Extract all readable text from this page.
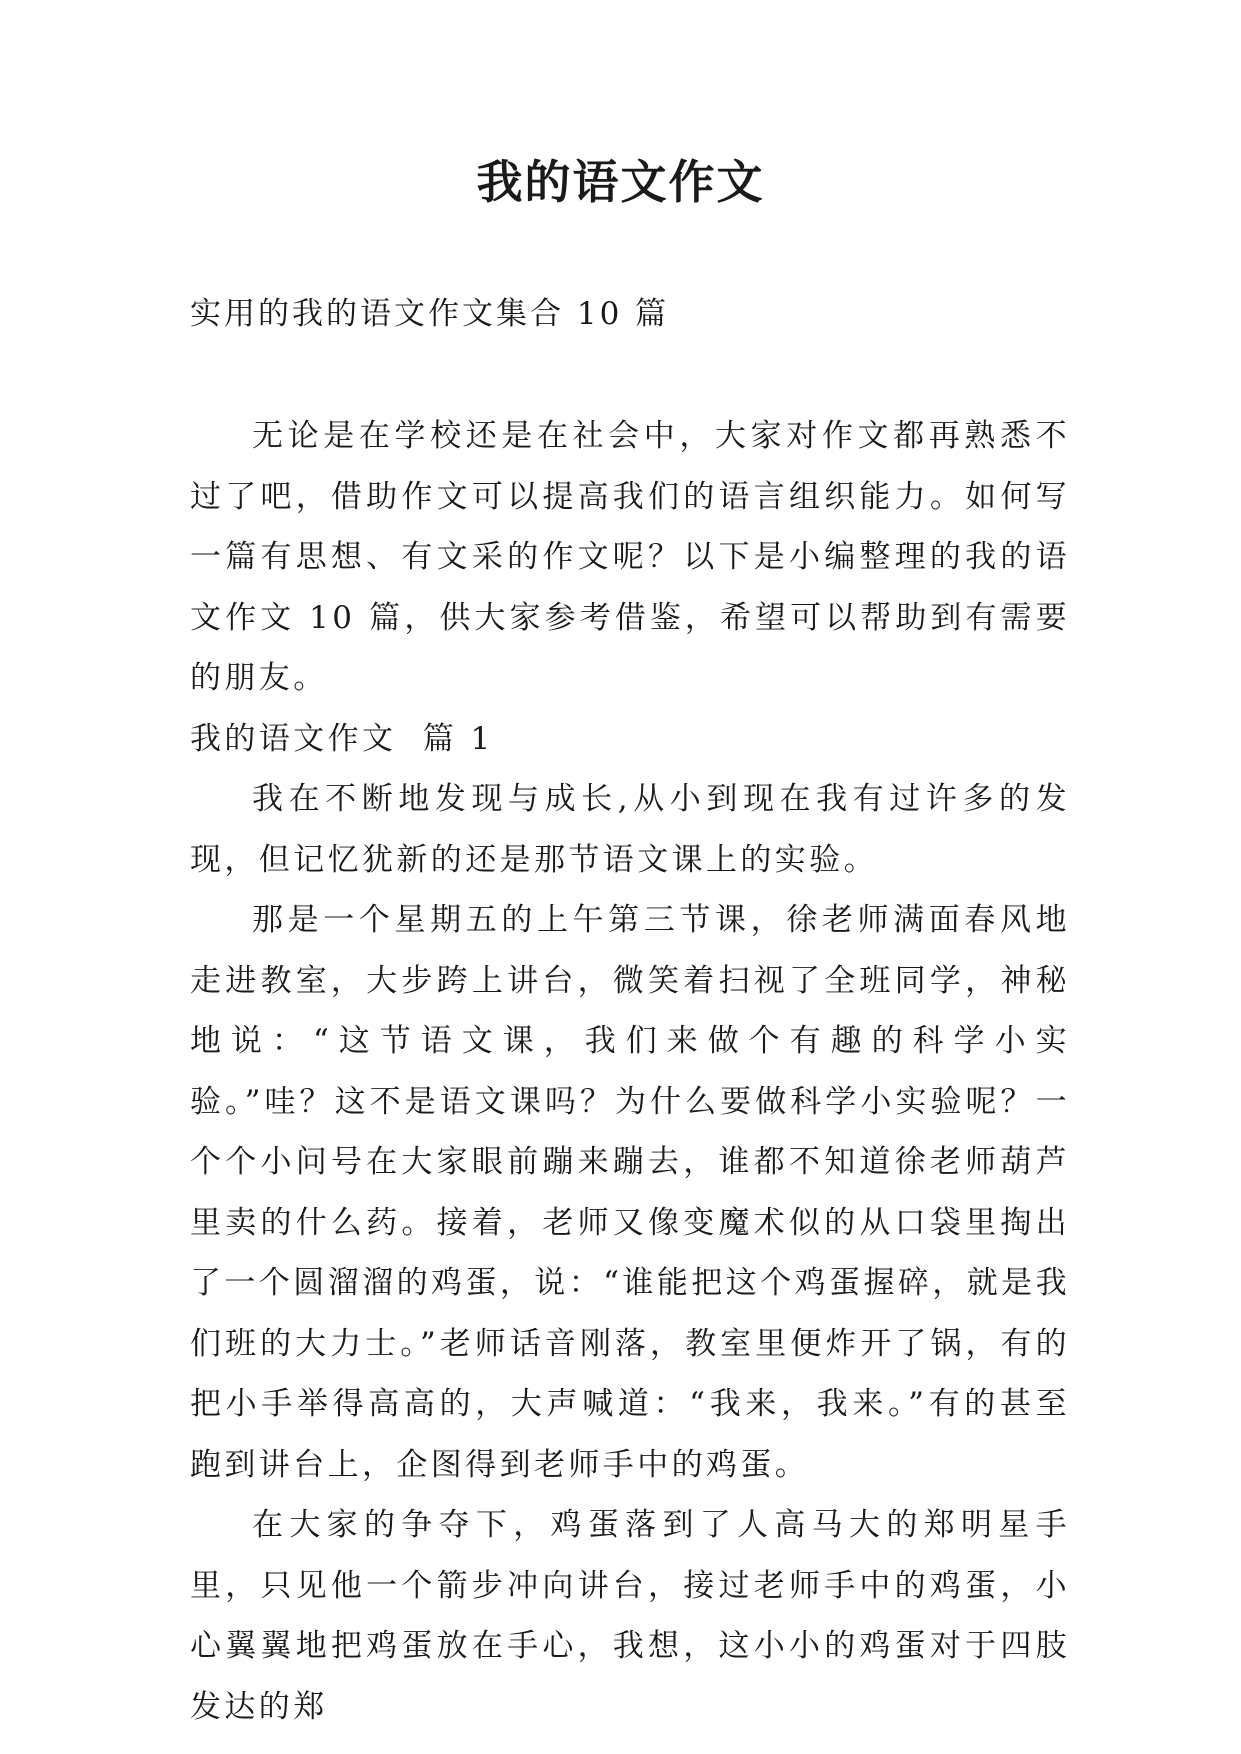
我的语文作文
实用的我的语文作文集合 10 篇

无论是在学校还是在社会中，大家对作文都再熟悉不过了吧，借助作文可以提高我们的语言组织能力。如何写一篇有思想、有文采的作文呢？以下是小编整理的我的语文作文 10 篇，供大家参考借鉴，希望可以帮助到有需要的朋友。

我的语文作文  篇 1

我在不断地发现与成长,从小到现在我有过许多的发现，但记忆犹新的还是那节语文课上的实验。

那是一个星期五的上午第三节课，徐老师满面春风地走进教室，大步跨上讲台，微笑着扫视了全班同学，神秘地说：“这节语文课，我们来做个有趣的科学小实验。”哇？这不是语文课吗？为什么要做科学小实验呢？一个个小问号在大家眼前蹦来蹦去，谁都不知道徐老师葫芦里卖的什么药。接着，老师又像变魔术似的从口袋里掏出了一个圆溜溜的鸡蛋，说：“谁能把这个鸡蛋握碎，就是我们班的大力士。”老师话音刚落，教室里便炸开了锅，有的把小手举得高高的，大声喊道：“我来，我来。”有的甚至跑到讲台上，企图得到老师手中的鸡蛋。

在大家的争夺下，鸡蛋落到了人高马大的郑明星手里，只见他一个箭步冲向讲台，接过老师手中的鸡蛋，小心翼翼地把鸡蛋放在手心，我想，这小小的鸡蛋对于四肢发达的郑
